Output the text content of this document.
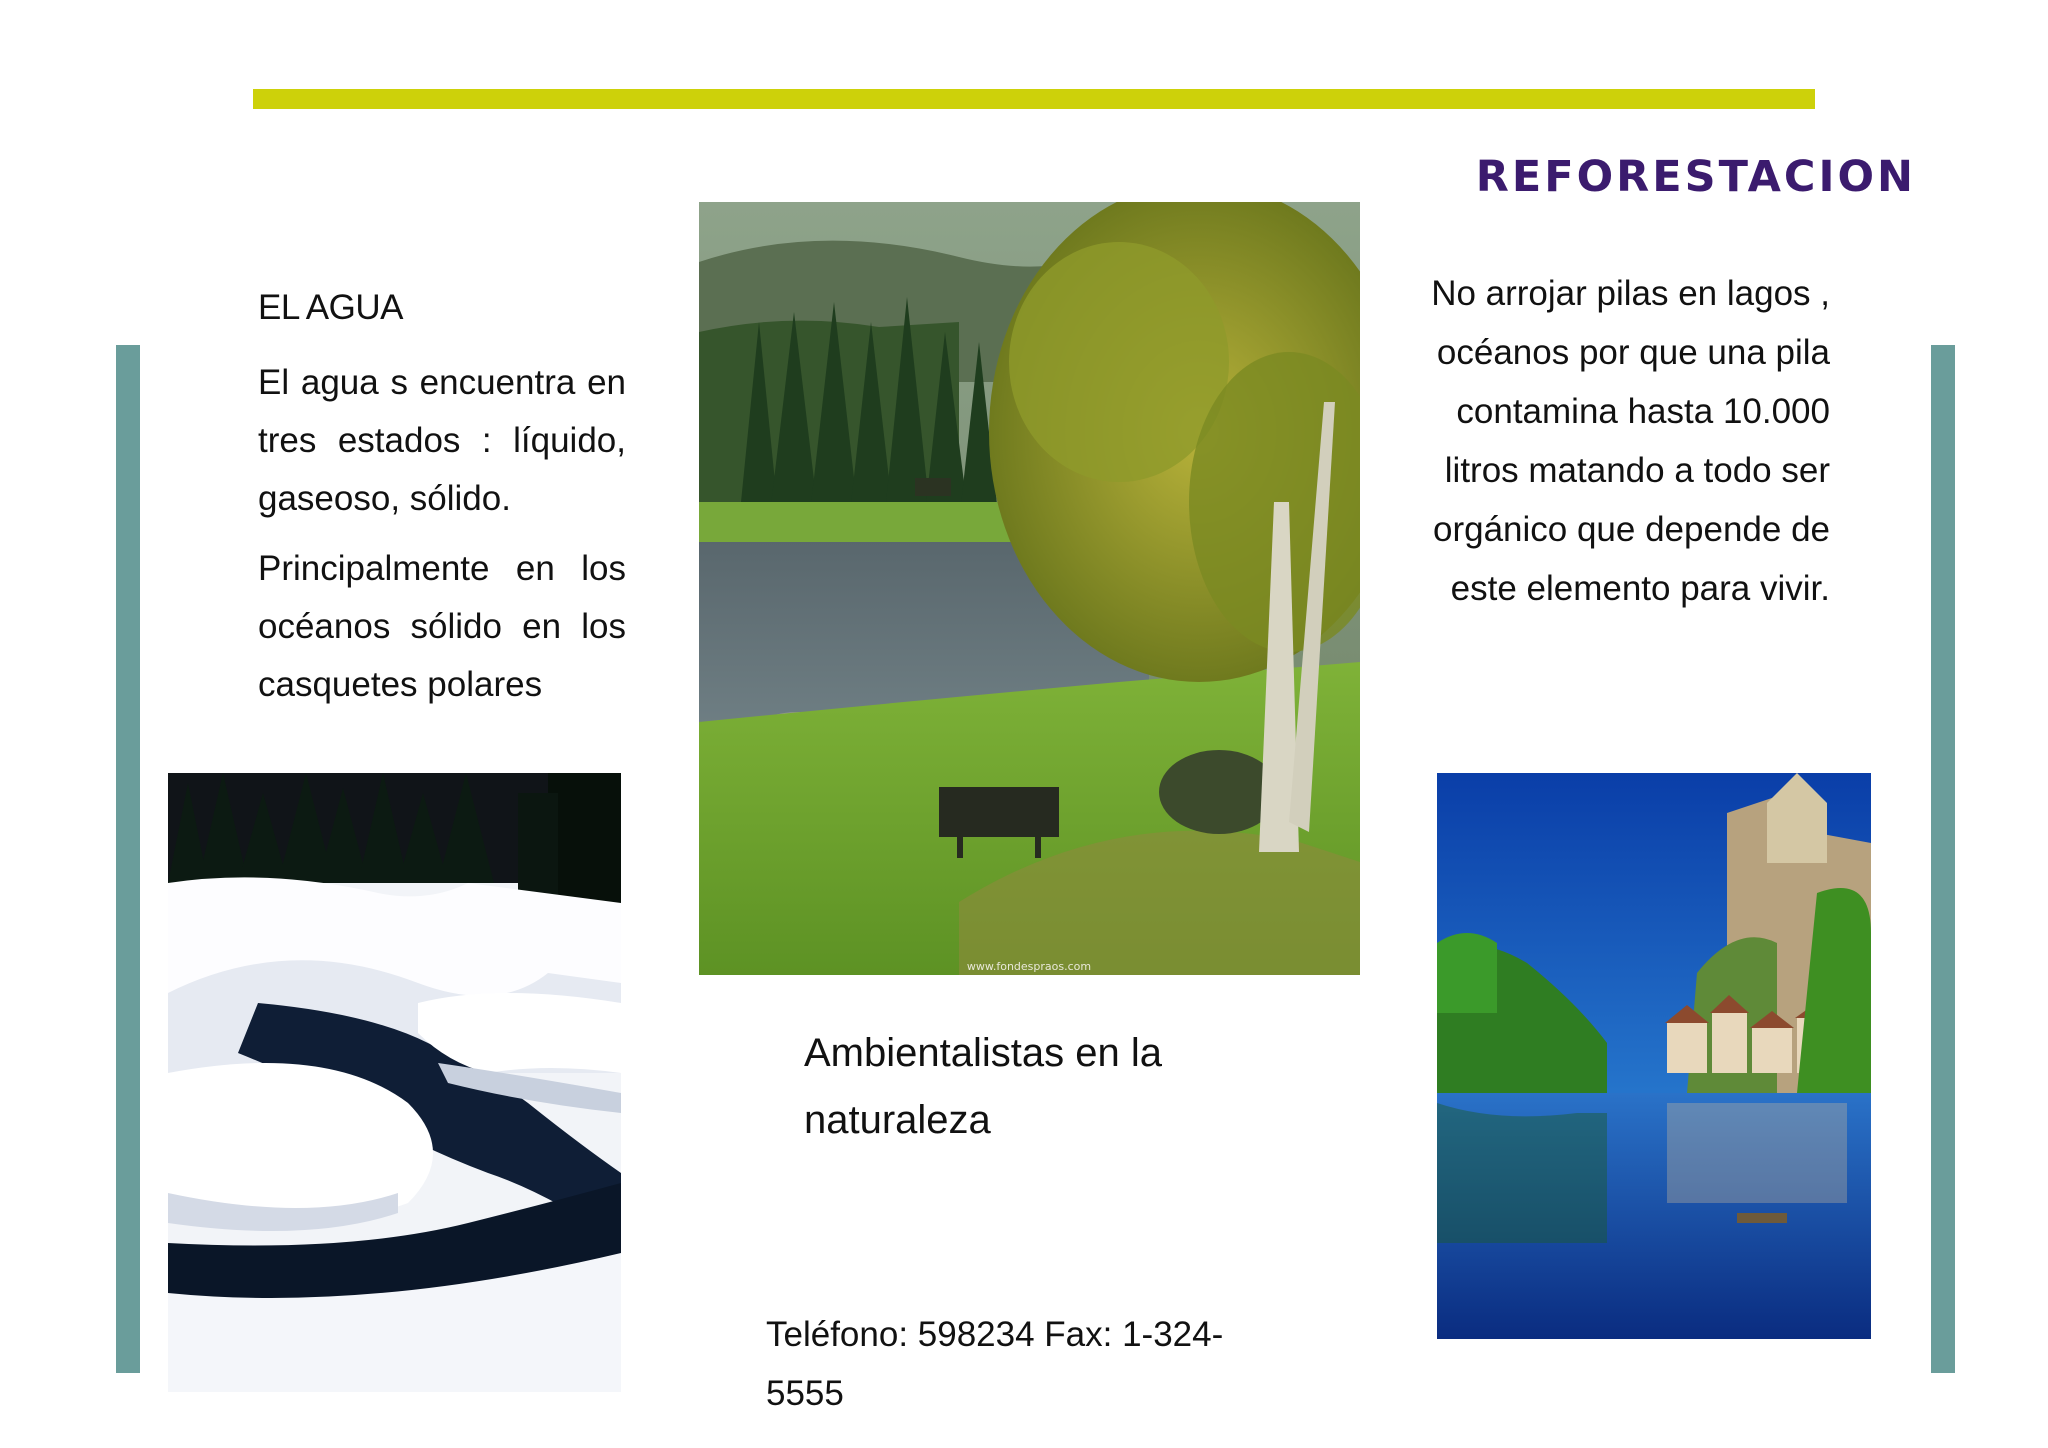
REFORESTACION
EL AGUA
El agua s encuentra en tres estados : líquido, gaseoso, sólido.
Principalmente en los océanos sólido en los casquetes polares
No arrojar pilas en lagos , océanos por que una pila contamina hasta 10.000 litros matando a todo ser orgánico que depende de este elemento para vivir.
Ambientalistas en la naturaleza
Teléfono: 598234 Fax: 1-324-5555
www.fondespraos.com
